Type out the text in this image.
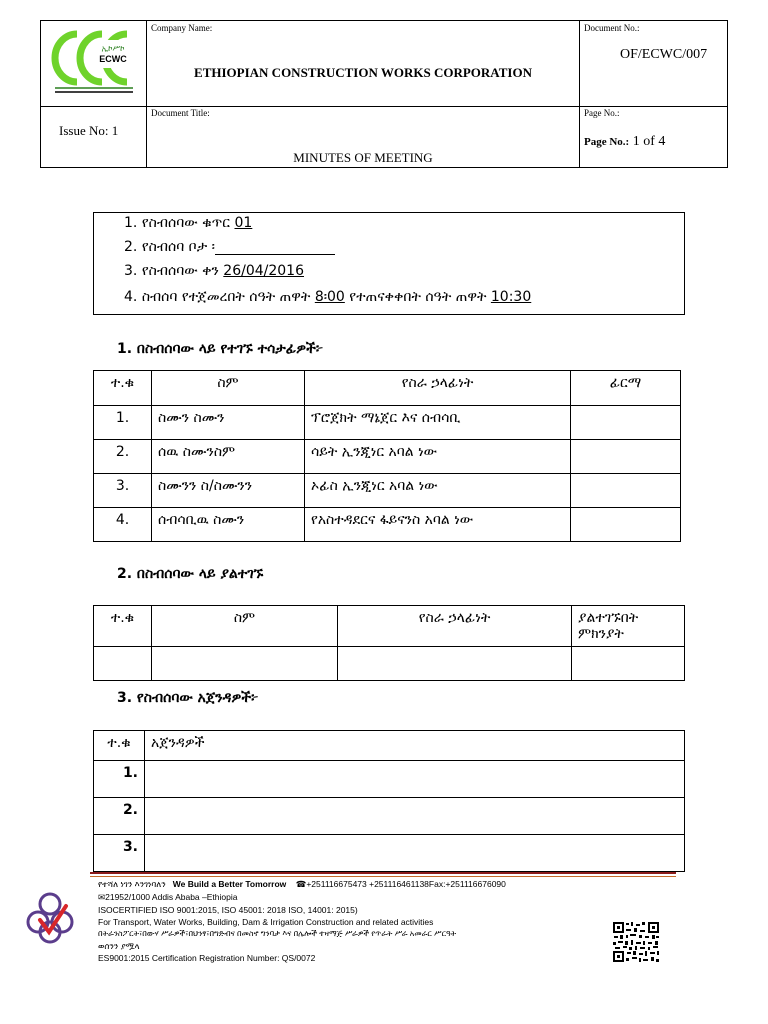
ኢኮሥኮ
ECWC
Company Name:
ETHIOPIAN CONSTRUCTION WORKS CORPORATION
Document No.:
OF/ECWC/007
Issue No: 1
Document Title:
MINUTES OF MEETING
Page No.:
Page No.: 1 of 4
1. የስብሰባው ቁጥር 01
2. የስብሰባ ቦታ ፡
3. የስብሰባው ቀን 26/04/2016
4. ስብሰባ የተጀመረበት ሰዓት ጠዋት 8፡00 የተጠናቀቀበት ሰዓት ጠዋት 10:30
1. በስብሰባው ላይ የተገኙ ተሳታፊዎች፦
ተ.ቁ	ስም	የስራ ኃላፊነት	ፊርማ
1.	ስሙን ስሙን	ፕሮጀክት ማኔጀር እና ሰብሳቢ	
2.	ሰዉ ስሙንስም	ሳይት ኢንጂነር አባል ነው	
3.	ስሙንን ስ/ስሙንን	ኦፊስ ኢንጂነር አባል ነው	
4.	ሰብሳቢዉ ስሙን	የአስተዳደርና ፋይናንስ አባል ነው	
2. በስብሰባው ላይ ያልተገኙ
ተ.ቁ	ስም	የስራ ኃላፊነት	ያልተገኙበት ምክንያት

3. የስብሰባው አጀንዳዎች፦
ተ.ቁ	አጀንዳዎች
1.	
2.	
3.	
የተሻለ ነገን እንገነባለን We Build a Better Tomorrow ☎+251116675473 +251116461138Fax:+251116676090
✉21952/1000 Addis Ababa –Ethiopia
ISOCERTIFIED ISO 9001:2015, ISO 45001: 2018 ISO, 14001: 2015)
For Transport, Water Works, Building, Dam & Irrigation Construction and related activities
በትራንስፖርት፣በውሃ ሥራዎች፣በህንፃ፣በግድብና በመስኖ ግንባታ እና በሌሎች ተዛማጅ ሥራዎች የጥራት ሥራ አመራር ሥርዓት
ወሰንን ያሟላ
ES9001:2015 Certification Registration Number: QS/0072
